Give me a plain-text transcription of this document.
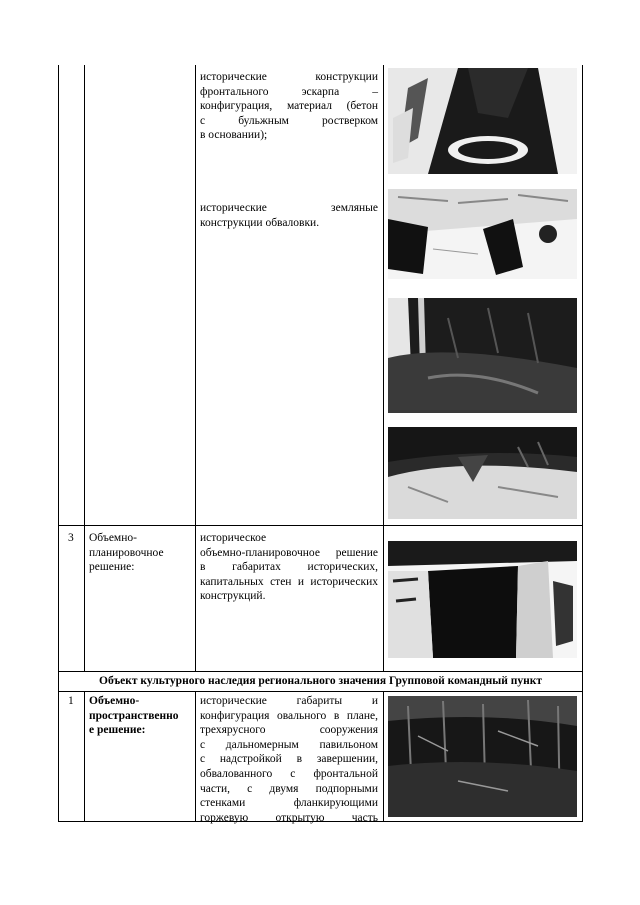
исторические конструкции
фронтального эскарпа –
конфигурация, материал (бетон
с бульжным ростверком
в основании);
исторические земляные
конструкции обваловки.
3 Объемно-
планировочное
решение:
историческое
объемно-планировочное решение
в габаритах исторических,
капитальных стен и исторических
конструкций.
Объект культурного наследия регионального значения Групповой командный пункт
1 Объемно-
пространственно
е решение:
исторические габариты и
конфигурация овального в плане,
трехярусного сооружения
с дальномерным павильоном
с надстройкой в завершении,
обвалованного с фронтальной
части, с двумя подпорными
стенками фланкирующими
горжевую открытую часть
